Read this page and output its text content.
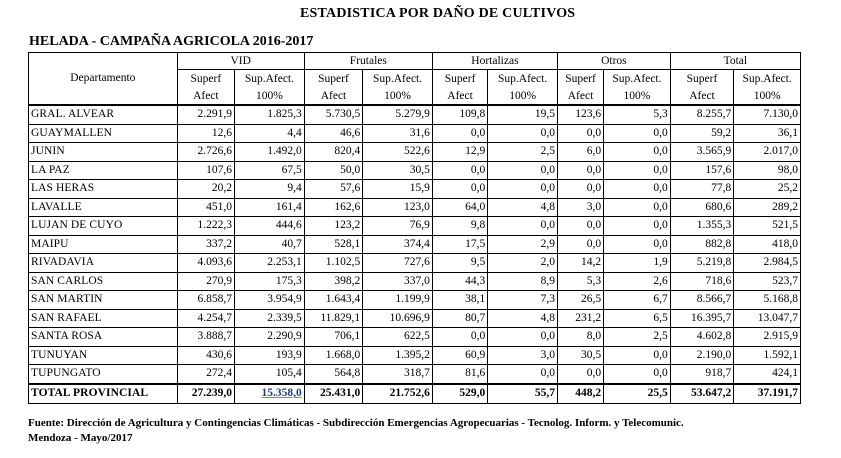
ESTADISTICA POR DAÑO DE CULTIVOS
HELADA - CAMPAÑA AGRICOLA 2016-2017
Departamento	VID		Frutales		Hortalizas		Otros		Total	
	Superf	Sup.Afect.	Superf	Sup.Afect.	Superf	Sup.Afect.	Superf	Sup.Afect.	Superf	Sup.Afect.
	Afect	100%	Afect	100%	Afect	100%	Afect	100%	Afect	100%
GRAL. ALVEAR	2.291,9	1.825,3	5.730,5	5.279,9	109,8	19,5	123,6	5,3	8.255,7	7.130,0
GUAYMALLEN	12,6	4,4	46,6	31,6	0,0	0,0	0,0	0,0	59,2	36,1
JUNIN	2.726,6	1.492,0	820,4	522,6	12,9	2,5	6,0	0,0	3.565,9	2.017,0
LA PAZ	107,6	67,5	50,0	30,5	0,0	0,0	0,0	0,0	157,6	98,0
LAS HERAS	20,2	9,4	57,6	15,9	0,0	0,0	0,0	0,0	77,8	25,2
LAVALLE	451,0	161,4	162,6	123,0	64,0	4,8	3,0	0,0	680,6	289,2
LUJAN DE CUYO	1.222,3	444,6	123,2	76,9	9,8	0,0	0,0	0,0	1.355,3	521,5
MAIPU	337,2	40,7	528,1	374,4	17,5	2,9	0,0	0,0	882,8	418,0
RIVADAVIA	4.093,6	2.253,1	1.102,5	727,6	9,5	2,0	14,2	1,9	5.219,8	2.984,5
SAN CARLOS	270,9	175,3	398,2	337,0	44,3	8,9	5,3	2,6	718,6	523,7
SAN MARTIN	6.858,7	3.954,9	1.643,4	1.199,9	38,1	7,3	26,5	6,7	8.566,7	5.168,8
SAN RAFAEL	4.254,7	2.339,5	11.829,1	10.696,9	80,7	4,8	231,2	6,5	16.395,7	13.047,7
SANTA ROSA	3.888,7	2.290,9	706,1	622,5	0,0	0,0	8,0	2,5	4.602,8	2.915,9
TUNUYAN	430,6	193,9	1.668,0	1.395,2	60,9	3,0	30,5	0,0	2.190,0	1.592,1
TUPUNGATO	272,4	105,4	564,8	318,7	81,6	0,0	0,0	0,0	918,7	424,1
TOTAL PROVINCIAL	27.239,0	15.358,0	25.431,0	21.752,6	529,0	55,7	448,2	25,5	53.647,2	37.191,7
Fuente: Dirección de Agricultura y Contingencias Climáticas - Subdirección Emergencias Agropecuarias - Tecnolog. Inform. y Telecomunic.
Mendoza - Mayo/2017
